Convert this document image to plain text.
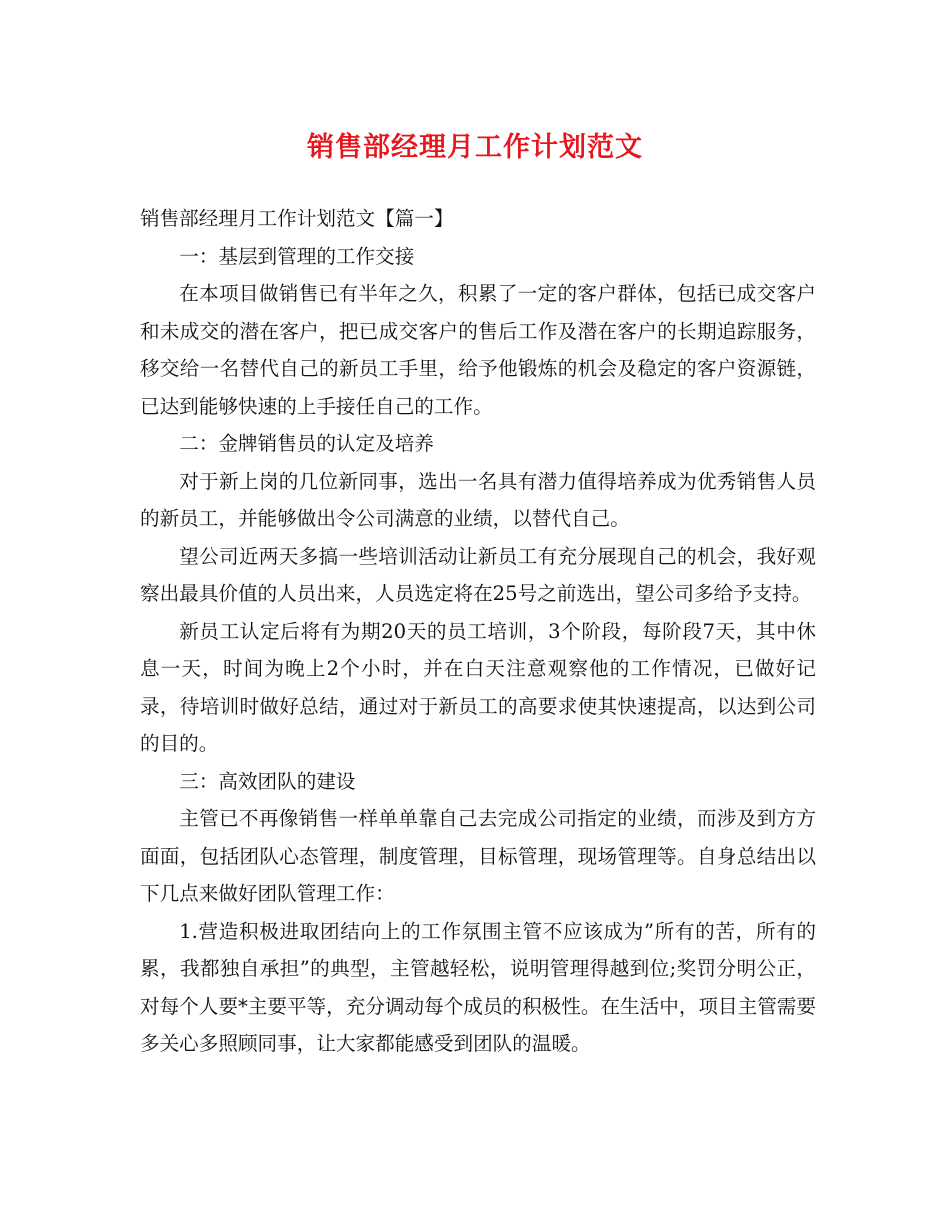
销售部经理月工作计划范文

销售部经理月工作计划范文【篇一】

一：基层到管理的工作交接

在本项目做销售已有半年之久，积累了一定的客户群体，包括已成交客户和未成交的潜在客户，把已成交客户的售后工作及潜在客户的长期追踪服务，移交给一名替代自己的新员工手里，给予他锻炼的机会及稳定的客户资源链，已达到能够快速的上手接任自己的工作。

二：金牌销售员的认定及培养

对于新上岗的几位新同事，选出一名具有潜力值得培养成为优秀销售人员的新员工，并能够做出令公司满意的业绩，以替代自己。

望公司近两天多搞一些培训活动让新员工有充分展现自己的机会，我好观察出最具价值的人员出来，人员选定将在25号之前选出，望公司多给予支持。

新员工认定后将有为期20天的员工培训，3个阶段，每阶段7天，其中休息一天，时间为晚上2个小时，并在白天注意观察他的工作情况，已做好记录，待培训时做好总结，通过对于新员工的高要求使其快速提高，以达到公司的目的。

三：高效团队的建设

主管已不再像销售一样单单靠自己去完成公司指定的业绩，而涉及到方方面面，包括团队心态管理，制度管理，目标管理，现场管理等。自身总结出以下几点来做好团队管理工作：

1.营造积极进取团结向上的工作氛围主管不应该成为”所有的苦，所有的累，我都独自承担”的典型，主管越轻松，说明管理得越到位;奖罚分明公正，对每个人要*主要平等，充分调动每个成员的积极性。在生活中，项目主管需要多关心多照顾同事，让大家都能感受到团队的温暖。
